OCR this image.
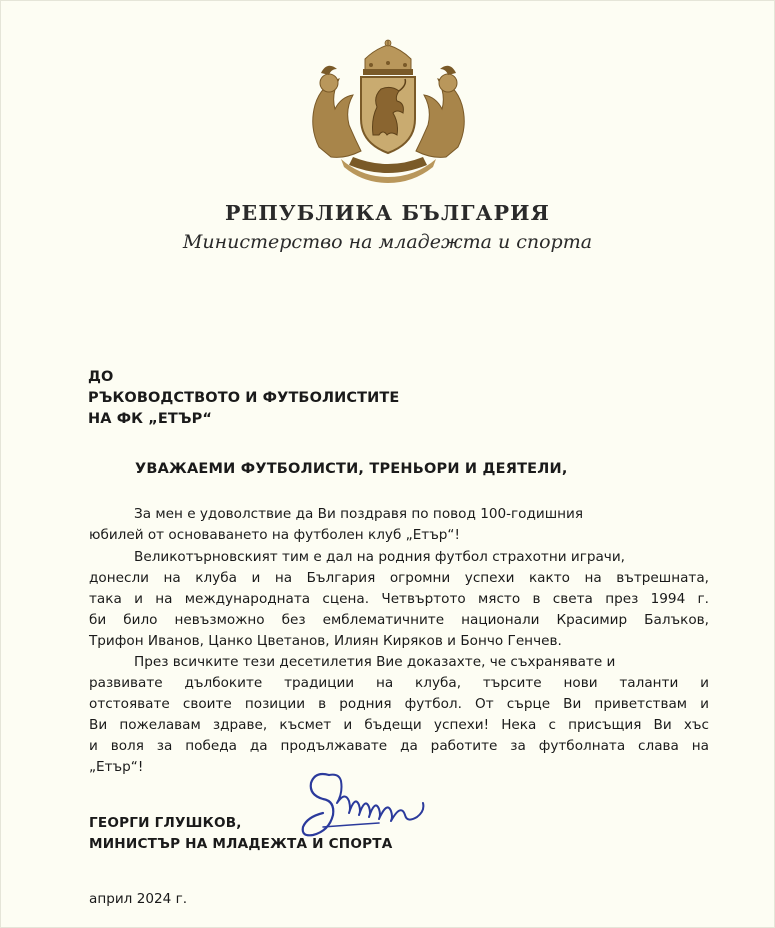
РЕПУБЛИКА БЪЛГАРИЯ
Министерство на младежта и спорта
ДО
РЪКОВОДСТВОТО И ФУТБОЛИСТИТЕ
НА ФК „ЕТЪР“
УВАЖАЕМИ ФУТБОЛИСТИ, ТРЕНЬОРИ И ДЕЯТЕЛИ,
За мен е удоволствие да Ви поздравя по повод 100-годишния
юбилей от основаването на футболен клуб „Етър“!
Великотърновският тим е дал на родния футбол страхотни играчи,
донесли на клуба и на България огромни успехи както на вътрешната,
така и на международната сцена. Четвъртото място в света през 1994 г.
би било невъзможно без емблематичните национали Красимир Балъков,
Трифон Иванов, Цанко Цветанов, Илиян Киряков и Бончо Генчев.
През всичките тези десетилетия Вие доказахте, че съхранявате и
развивате дълбоките традиции на клуба, търсите нови таланти и
отстоявате своите позиции в родния футбол. От сърце Ви приветствам и
Ви пожелавам здраве, късмет и бъдещи успехи! Нека с присъщия Ви хъс
и воля за победа да продължавате да работите за футболната слава на
„Етър“!
ГЕОРГИ ГЛУШКОВ,
МИНИСТЪР НА МЛАДЕЖТА И СПОРТА
април 2024 г.
